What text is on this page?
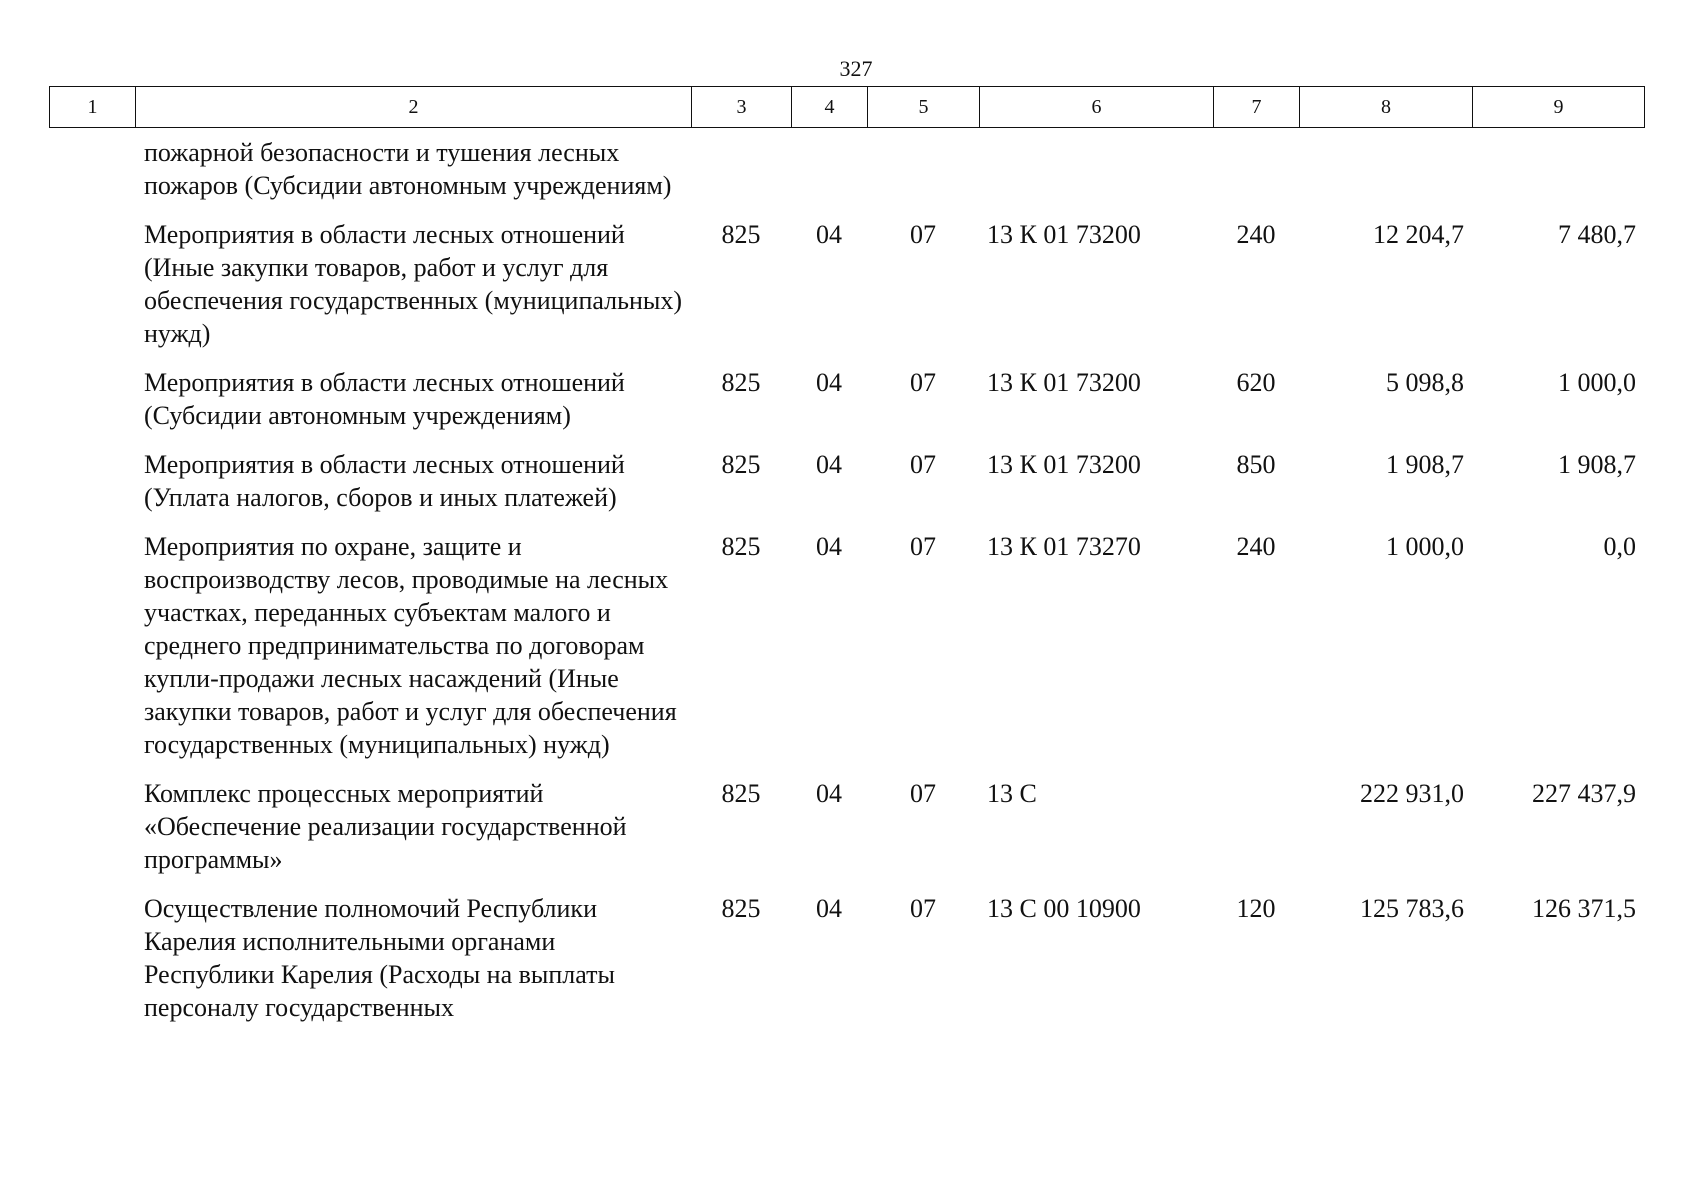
327
1	2	3	4	5	6	7	8	9
пожарной безопасности и тушения лесных пожаров (Субсидии автономным учреждениям)							
Мероприятия в области лесных отношений (Иные закупки товаров, работ и услуг для обеспечения государственных (муниципальных) нужд)	825	04	07	13 К 01 73200	240	12 204,7	7 480,7
Мероприятия в области лесных отношений (Субсидии автономным учреждениям)	825	04	07	13 К 01 73200	620	5 098,8	1 000,0
Мероприятия в области лесных отношений (Уплата налогов, сборов и иных платежей)	825	04	07	13 К 01 73200	850	1 908,7	1 908,7
Мероприятия по охране, защите и воспроизводству лесов, проводимые на лесных участках, переданных субъектам малого и среднего предпринимательства по договорам купли-продажи лесных насаждений (Иные закупки товаров, работ и услуг для обеспечения государственных (муниципальных) нужд)	825	04	07	13 К 01 73270	240	1 000,0	0,0
Комплекс процессных мероприятий «Обеспечение реализации государственной программы»	825	04	07	13 С		222 931,0	227 437,9
Осуществление полномочий Республики Карелия исполнительными органами Республики Карелия (Расходы на выплаты персоналу государственных	825	04	07	13 С 00 10900	120	125 783,6	126 371,5
